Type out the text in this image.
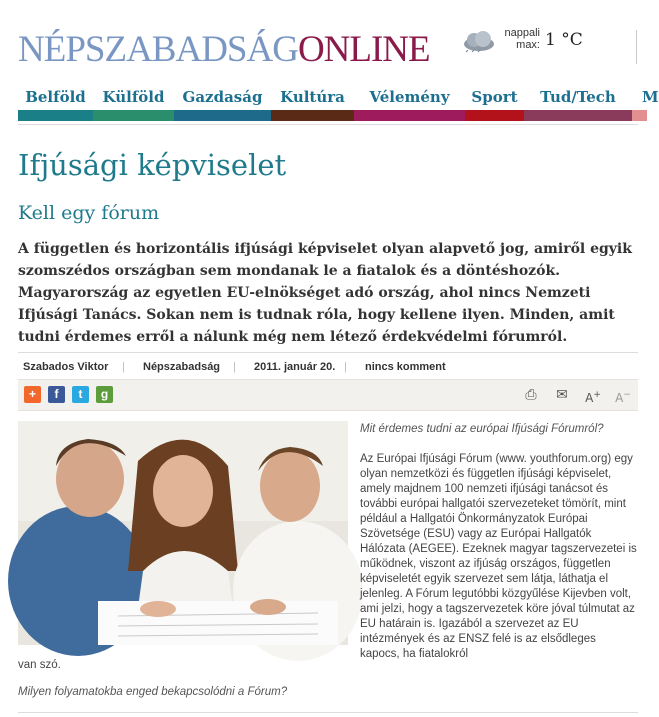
NÉPSZABADSÁGONLINE	nappali
max: 1 °C
Belföld	Külföld	Gazdaság	Kultúra	Vélemény	Sport	Tud/Tech	M
Ifjúsági képviselet
Kell egy fórum

A független és horizontális ifjúsági képviselet olyan alapvető jog, amiről egyik szomszédos országban sem mondanak le a fiatalok és a döntéshozók. Magyarország az egyetlen EU-elnökséget adó ország, ahol nincs Nemzeti Ifjúsági Tanács. Sokan nem is tudnak róla, hogy kellene ilyen. Minden, amit tudni érdemes erről a nálunk még nem létező érdekvédelmi fórumról.

Szabados Viktor | Népszabadság | 2011. január 20. | nincs komment
+	f	t	g	⎙	✉	A+ A−

Mit érdemes tudni az európai Ifjúsági Fórumról?

Az Európai Ifjúsági Fórum (www. youthforum.org) egy olyan nemzetközi és független ifjúsági képviselet, amely majdnem 100 nemzeti ifjúsági tanácsot és további európai hallgatói szervezeteket tömörít, mint például a Hallgatói Önkormányzatok Európai Szövetsége (ESU) vagy az Európai Hallgatók Hálózata (AEGEE). Ezeknek magyar tagszervezetei is működnek, viszont az ifjúság országos, független képviseletét egyik szervezet sem látja, láthatja el jelenleg. A Fórum legutóbbi közgyűlése Kijevben volt, ami jelzi, hogy a tagszervezetek köre jóval túlmutat az EU határain is. Igazából a szervezet az EU intézmények és az ENSZ felé is az elsődleges kapocs, ha fiatalokról

van szó.
Milyen folyamatokba enged bekapcsolódni a Fórum?
